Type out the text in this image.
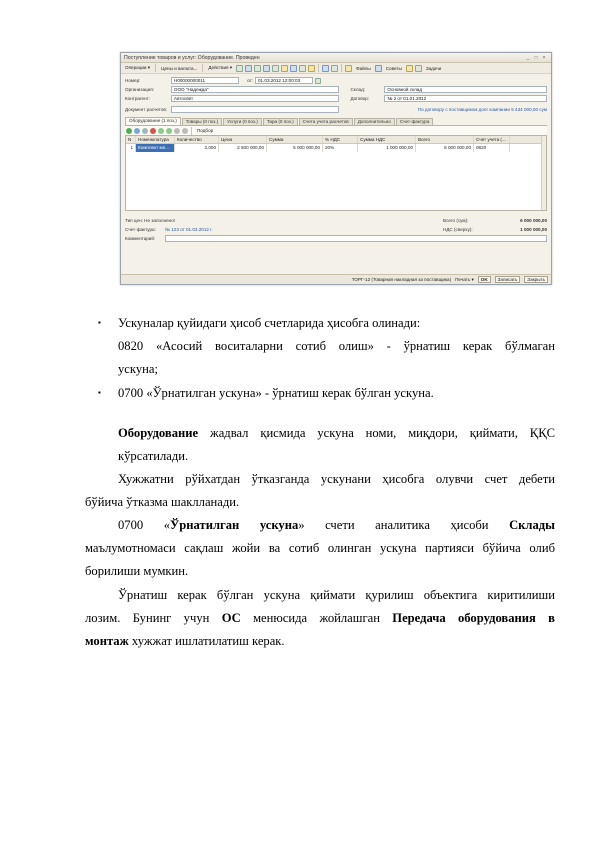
Поступление товаров и услуг: Оборудование. Проведен	_	□	×
Операции ▾	Цены и валюта...	Действия ▾	Файлы	Советы	Задачи
Номер:	Н00000000011	от:	01.03.2012 12:00:03
Организация:	ООО "Надежда"	Склад:	Основной склад
Контрагент:	Автосвет	Договор:	№ 2 от 01.01.2012
Документ расчетов:	По договору с поставщиком долг компании 5 434 000,00 сум
Оборудование (1 поз.)	Товары (0 поз.)	Услуги (0 поз.)	Тара (0 поз.)	Счета учета расчетов	Дополнительно	Счет-фактура
Подбор
N	Номенклатура	Количество	Цена	Сумма	% НДС	Сумма НДС	Всего	Счет учета (...
1	Комплект ме...	2,000	2 500 000,00	5 000 000,00	20%	1 000 000,00	6 000 000,00	0820
Тип цен: Не заполнено!	Всего (сум):	6 000 000,00
Счет-фактура:	№ 123 от 01.03.2012 г.	НДС (сверху):	1 000 000,00
Комментарий:
ТОРГ-12 (Товарная накладная за поставщика) Печать ▾	OK	Записать	Закрыть
Ускуналар қуйидаги ҳисоб счетларида ҳисобга олинади:
▪
0820 «Асосий воситаларни сотиб олиш» - ўрнатиш керак бўлмаган
ускуна;
▪ 0700 «Ўрнатилган ускуна» - ўрнатиш керак бўлган ускуна.
Оборудование жадвал қисмида ускуна номи, миқдори, қиймати, ҚҚС
кўрсатилади.
Хужжатни рўйхатдан ўтказганда ускунани ҳисобга олувчи счет дебети
бўйича ўтказма шаклланади.
0700 «Ўрнатилган ускуна» счети аналитика ҳисоби Склады
маълумотномаси сақлаш жойи ва сотиб олинган ускуна партияси бўйича олиб
борилиши мумкин.
Ўрнатиш керак бўлган ускуна қиймати қурилиш объектига киритилиши
лозим. Бунинг учун ОС менюсида жойлашган Передача оборудования в
монтаж хужжат ишлатилатиш керак.
